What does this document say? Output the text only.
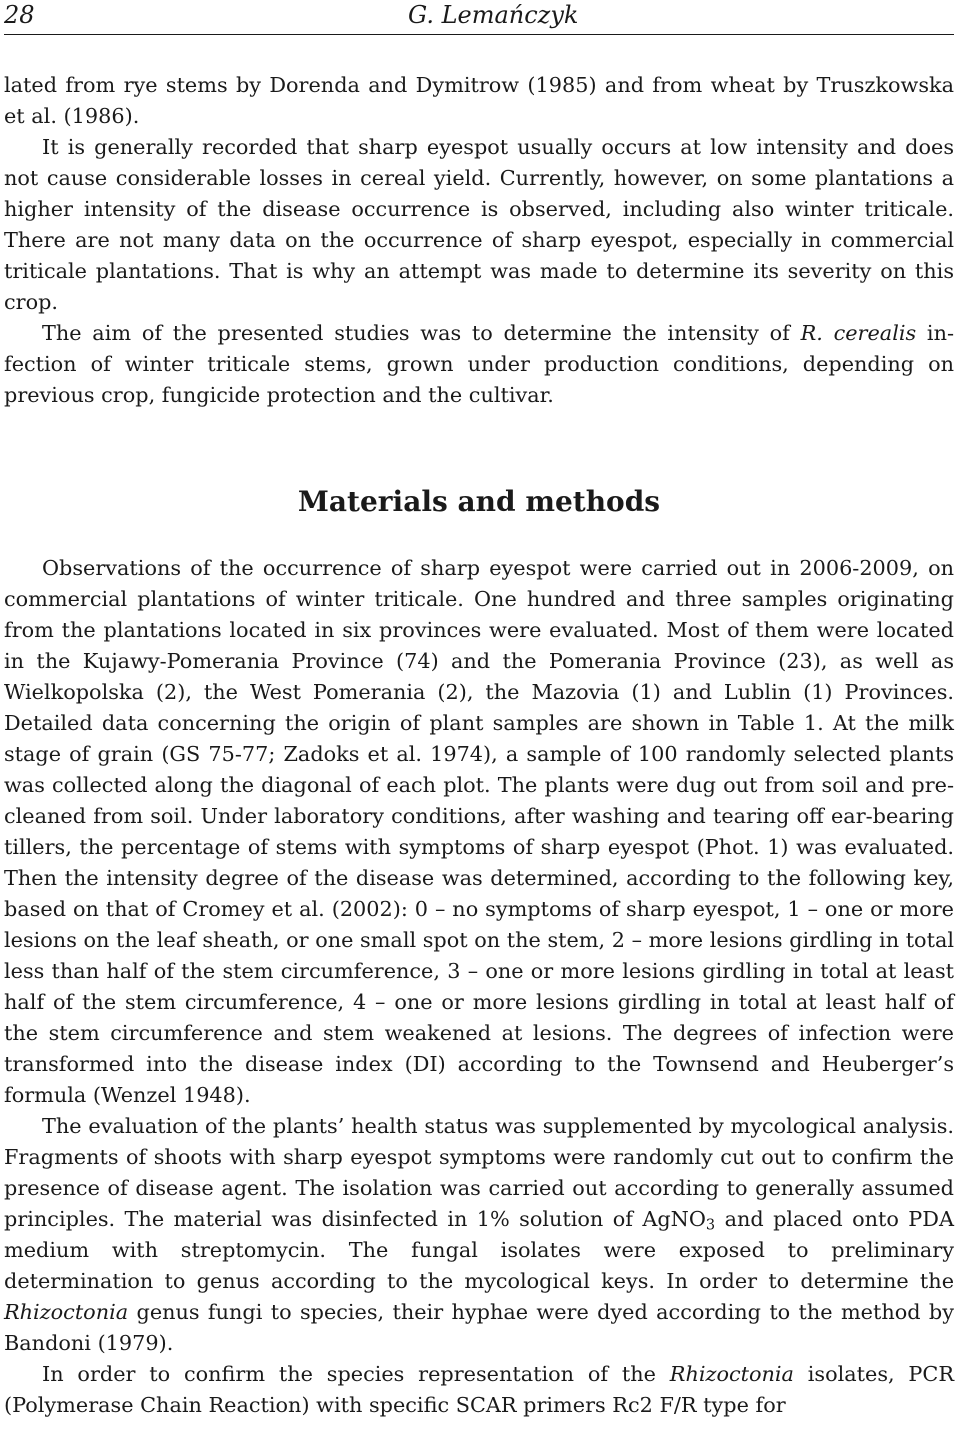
28	G. Lemańczyk

lated from rye stems by Dorenda and Dymitrow (1985) and from wheat by Truszkowska et al. (1986).

It is generally recorded that sharp eyespot usually occurs at low intensity and does not cause considerable losses in cereal yield. Currently, however, on some plantations a higher intensity of the disease occurrence is observed, including also winter triticale. There are not many data on the occurrence of sharp eyespot, especially in commercial triticale plantations. That is why an attempt was made to determine its severity on this crop.

The aim of the presented studies was to determine the intensity of R. cerealis infection of winter triticale stems, grown under production conditions, depending on previous crop, fungicide protection and the cultivar.

Materials and methods

Observations of the occurrence of sharp eyespot were carried out in 2006-2009, on commercial plantations of winter triticale. One hundred and three samples originating from the plantations located in six provinces were evaluated. Most of them were located in the Kujawy-Pomerania Province (74) and the Pomerania Province (23), as well as Wielkopolska (2), the West Pomerania (2), the Mazovia (1) and Lublin (1) Provinces. Detailed data concerning the origin of plant samples are shown in Table 1. At the milk stage of grain (GS 75-77; Zadoks et al. 1974), a sample of 100 randomly selected plants was collected along the diagonal of each plot. The plants were dug out from soil and pre-cleaned from soil. Under laboratory conditions, after washing and tearing off ear-bearing tillers, the percentage of stems with symptoms of sharp eyespot (Phot. 1) was evaluated. Then the intensity degree of the disease was determined, according to the following key, based on that of Cromey et al. (2002): 0 – no symptoms of sharp eyespot, 1 – one or more lesions on the leaf sheath, or one small spot on the stem, 2 – more lesions girdling in total less than half of the stem circumference, 3 – one or more lesions girdling in total at least half of the stem circumference, 4 – one or more lesions girdling in total at least half of the stem circumference and stem weakened at lesions. The degrees of infection were transformed into the disease index (DI) according to the Townsend and Heuberger’s formula (Wenzel 1948).

The evaluation of the plants’ health status was supplemented by mycological analysis. Fragments of shoots with sharp eyespot symptoms were randomly cut out to confirm the presence of disease agent. The isolation was carried out according to generally assumed principles. The material was disinfected in 1% solution of AgNO$_3$ and placed onto PDA medium with streptomycin. The fungal isolates were exposed to preliminary determination to genus according to the mycological keys. In order to determine the Rhizoctonia genus fungi to species, their hyphae were dyed according to the method by Bandoni (1979).

In order to confirm the species representation of the Rhizoctonia isolates, PCR (Polymerase Chain Reaction) with specific SCAR primers Rc2 F/R type for
